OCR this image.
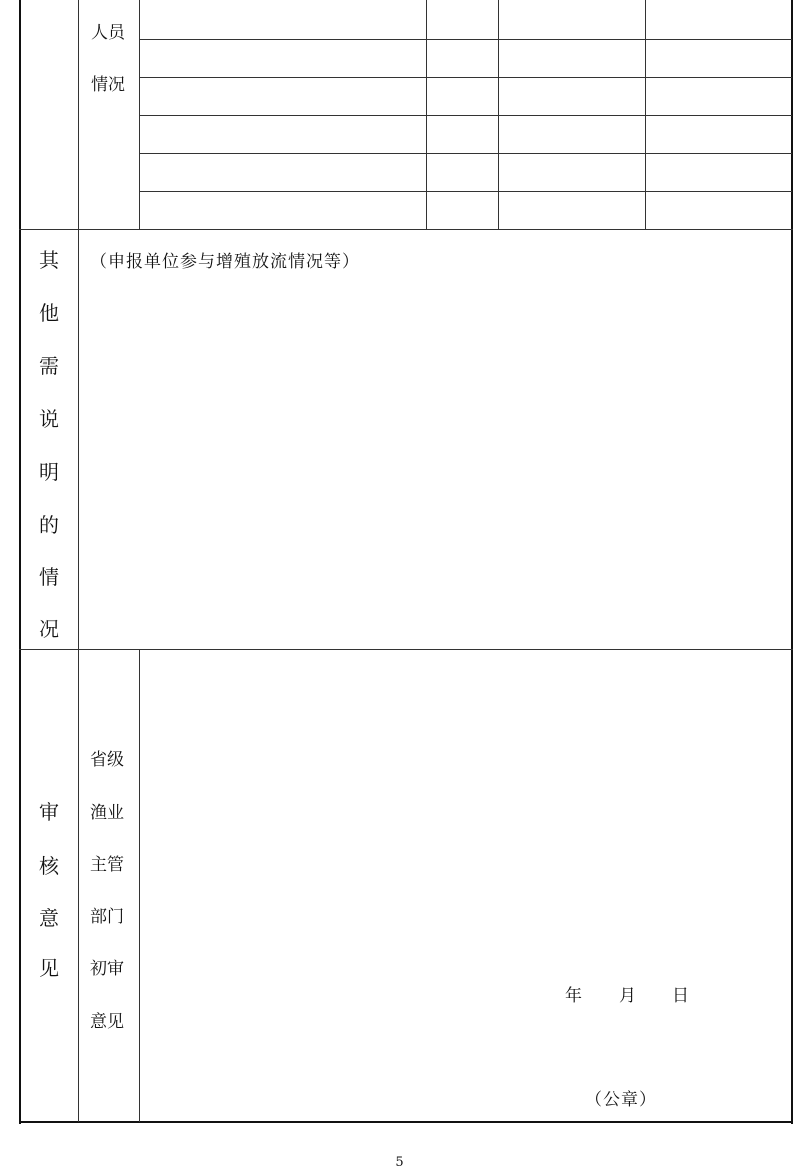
人员
情况
其
他
需
说
明
的
情
况
（申报单位参与增殖放流情况等）
审
核
意
见
省级
渔业
主管
部门
初审
意见
年 月 日
（公章）
5
